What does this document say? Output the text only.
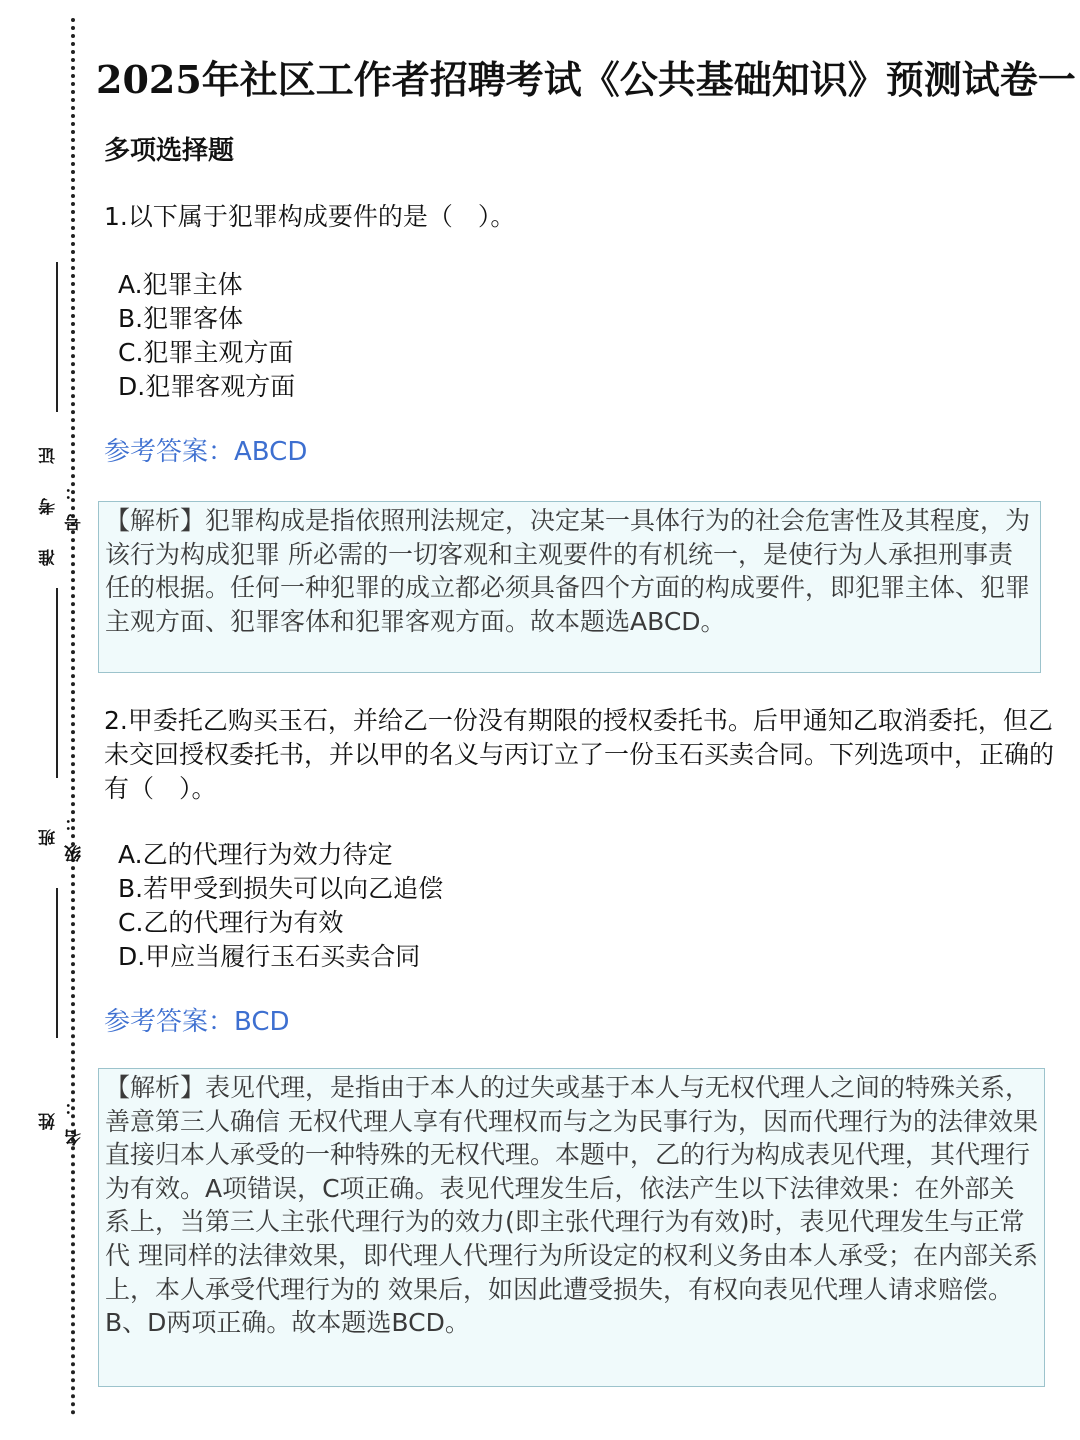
准 考 证 号：
班 级：
姓 名：
2025年社区工作者招聘考试《公共基础知识》预测试卷一
多项选择题
1.以下属于犯罪构成要件的是（　）。
A.犯罪主体
B.犯罪客体
C.犯罪主观方面
D.犯罪客观方面
参考答案：ABCD
【解析】犯罪构成是指依照刑法规定，决定某一具体行为的社会危害性及其程度，为该行为构成犯罪 所必需的一切客观和主观要件的有机统一，是使行为人承担刑事责任的根据。任何一种犯罪的成立都必须具备四个方面的构成要件，即犯罪主体、犯罪主观方面、犯罪客体和犯罪客观方面。故本题选ABCD。
2.甲委托乙购买玉石，并给乙一份没有期限的授权委托书。后甲通知乙取消委托，但乙未交回授权委托书，并以甲的名义与丙订立了一份玉石买卖合同。下列选项中，正确的有（　）。
A.乙的代理行为效力待定
B.若甲受到损失可以向乙追偿
C.乙的代理行为有效
D.甲应当履行玉石买卖合同
参考答案：BCD
【解析】表见代理，是指由于本人的过失或基于本人与无权代理人之间的特殊关系，善意第三人确信 无权代理人享有代理权而与之为民事行为，因而代理行为的法律效果直接归本人承受的一种特殊的无权代理。本题中，乙的行为构成表见代理，其代理行为有效。A项错误，C项正确。表见代理发生后，依法产生以下法律效果：在外部关系上，当第三人主张代理行为的效力(即主张代理行为有效)时，表见代理发生与正常代 理同样的法律效果，即代理人代理行为所设定的权利义务由本人承受；在内部关系上，本人承受代理行为的 效果后，如因此遭受损失，有权向表见代理人请求赔偿。B、D两项正确。故本题选BCD。
